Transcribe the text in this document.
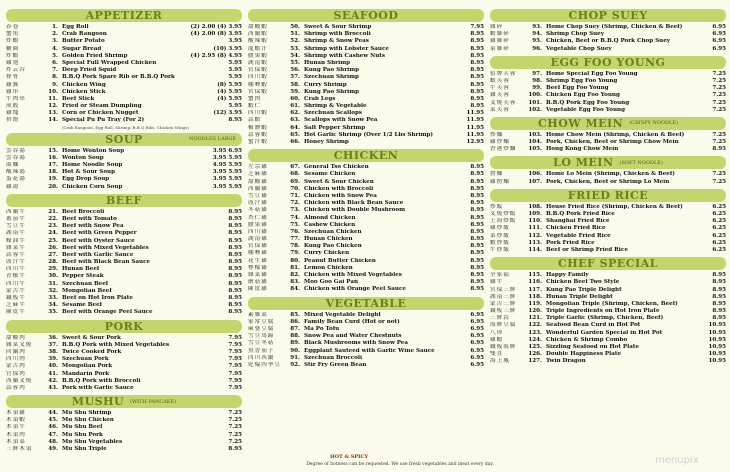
APPETIZER
春卷	1. Egg Roll	(2) 2.00 (4) 3.95
蟹角	2. Crab Rangoon	(4) 2.00 (8) 3.95
炸蝦	3. Butter Potato	3.95
糖圈	4. Sugar Bread	(10) 3.95
炸蝦	5. Golden Fried Shrimp	(4) 2.95 (8) 4.95
雞翅	6. Special Full Wrapped Chicken	5.95
炸云吞	7. Deep Fried Squid	5.95
排骨	8. B.B.Q Pork Spare Rib or B.B.Q Pork	5.95
雞翼	9. Chicken Wing	(8) 5.95
雞串	10. Chicken Stick	(4) 5.95
牛肉串	11. Beef Stick	(4) 5.95
煎餃	12. Fried or Steam Dumpling	5.95
雞塊	13. Corn or Chicken Nugget	(12) 3.95
拼盤	14. Special Pu Pu Tray (For 2)	8.95
(Crab Rangoon, Egg Roll, Shrimp, B.B.Q Ribs, Chicken Wings)
SOUP	NOODLES LARGE
雲吞湯	15. Home Wonton Soup	3.95 6.95
雲吞湯	16. Wonton Soup	3.95 5.95
湯麵	17. Home Noodle Soup	4.95 5.95
酸辣湯	18. Hot & Sour Soup	3.95 5.95
蛋花湯	19. Egg Drop Soup	3.95 5.95
雞湯	20. Chicken Corn Soup	3.95 5.95
BEEF
西蘭牛	21. Beef Broccoli	8.95
番茄牛	22. Beef with Tomato	8.95
雪豆牛	23. Beef with Snow Pea	8.95
湖南牛	24. Beef with Green Pepper	8.95
蠔油牛	25. Beef with Oyster Sauce	8.95
雜菜牛	26. Beef with Mixed Vegetables	8.95
蒜蓉牛	27. Beef with Garlic Sauce	8.95
豉汁牛	28. Beef with Black Bean Sauce	8.95
四川牛	29. Hunan Beef	8.95
青椒牛	30. Pepper Steak	8.95
四川牛	31. Szechuan Beef	8.95
蒙古牛	32. Mongolian Beef	8.95
鐵板牛	33. Beef on Hot Iron Plate	8.95
芝麻牛	34. Sesame Beef	8.95
陳皮牛	35. Beef with Orange Peel Sauce	8.95
PORK
甜酸肉	36. Sweet & Sour Pork	7.95
雜菜叉燒	37. B.B.Q Pork with Mixed Vegetables	7.95
回鍋肉	38. Twice Cooked Pork	7.95
四川肉	39. Szechuan Pork	7.95
蒙古肉	40. Mongolian Pork	7.95
官保肉	41. Mandarin Pork	7.95
西蘭叉燒	42. B.B.Q Pork with Broccoli	7.95
蒜蓉肉	43. Pork with Garlic Sauce	7.95
MUSHU (WITH PANCAKE)
木須雞	44. Mu Shu Shrimp	7.25
木須蝦	45. Mu Shu Chicken	7.25
木須牛	46. Mu Shu Beef	7.25
木須肉	47. Mu Shu Pork	7.25
木須菜	48. Mu Shu Vegetables	7.25
三鮮木須	49. Mu Shu Triple	8.95
SEAFOOD
甜酸蝦	50. Sweet & Sour Shrimp	7.95
西蘭蝦	51. Shrimp with Broccoli	8.95
酸辣蝦	52. Shrimp & Snow Peas	8.95
龍蝦汁	53. Shrimp with Lobster Sauce	8.95
腰果蝦	54. Shrimp with Cashew Nuts	8.95
湖南蝦	55. Hunan Shrimp	8.95
宮保蝦	56. Kung Pao Shrimp	8.95
四川蝦	57. Szechuan Shrimp	8.95
咖喱蝦	58. Curry Shrimp	8.95
宮保蝦	59. Kung Pao Shrimp	8.95
蟹肉	60. Crab Legs	8.95
蝦仁	61. Shrimp & Vegetable	8.95
四川蝦	62. Szechuan Scallops	11.95
蒜蝦	63. Scallops with Snow Pea	11.95
椒鹽蝦	64. Salt Pepper Shrimp	11.95
蒜蓉蝦	65. Hot Garlic Shrimp (Over 1/2 Lbs Shrimp)	11.95
蜜汁蝦	66. Honey Shrimp	12.95
CHICKEN
左宗雞	67. General Tso Chicken	8.95
芝麻雞	68. Sesame Chicken	8.95
甜酸雞	69. Sweet & Sour Chicken	8.95
西蘭雞	70. Chicken with Broccoli	8.95
雪豆雞	71. Chicken with Snow Pea	8.95
豉汁雞	72. Chicken with Black Bean Sauce	8.95
冬菇雞	73. Chicken with Double Mushroom	8.95
杏仁雞	74. Almond Chicken	8.95
腰果雞	75. Cashew Chicken	8.95
四川雞	76. Szechuan Chicken	8.95
湖南雞	77. Hunan Chicken	8.95
宮保雞	78. Kung Pao Chicken	8.95
咖喱雞	79. Curry Chicken	8.95
花生雞	80. Peanut Butter Chicken	8.95
檸檬雞	81. Lemon Chicken	8.95
雜菜雞	82. Chicken with Mixed Vegetables	8.95
蘑菇雞	83. Moo Goo Gai Pan	8.95
陳皮雞	84. Chicken with Orange Peel Sauce	8.95
VEGETABLE
素雜菜	85. Mixed Vegetable Delight	6.95
家常豆腐	86. Family Bean Curd (Hot or not)	6.95
麻婆豆腐	87. Ma Po Tofu	6.95
雪豆馬蹄	88. Snow Pea and Water Chestnuts	6.95
雪豆冬菇	89. Black Mushrooms with Snow Pea	6.95
魚香茄子	90. Eggplant Sauteed with Garlic Wine Sauce	6.95
四川西蘭	91. Szechuan Broccoli	6.95
乾煸四季豆	92. Stir Fry Green Bean	6.95
CHOP SUEY
雜碎	93. Home Chop Suey (Shrimp, Chicken & Beef)	6.95
蝦雜碎	94. Shrimp Chop Suey	6.95
雞雜碎	95. Chicken, Beef or B.B.Q Pork Chop Suey	6.95
菜雜碎	96. Vegetable Chop Suey	6.95
EGG FOO YOUNG
招牌芙蓉	97. Home Special Egg Foo Young	7.25
蝦芙蓉	98. Shrimp Egg Foo Young	7.25
牛芙蓉	99. Beef Egg Foo Young	7.25
雞芙蓉	100. Chicken Egg Foo Young	7.25
叉燒芙蓉	101. B.B.Q Pork Egg Foo Young	7.25
菜芙蓉	102. Vegetable Egg Foo Young	7.25
CHOW MEIN (CRISPY NOODLE)
炒麵	103. Home Chow Mein (Shrimp, Chicken & Beef)	7.25
雞炒麵	104. Pork, Chicken, Beef or Shrimp Chow Mein	7.25
香港炒麵	105. Hong Kong Chow Mein	8.95
LO MEIN (SOFT NOODLE)
撈麵	106. Home Lo Mein (Shrimp, Chicken & Beef)	7.25
雞撈麵	107. Pork, Chicken, Beef or Shrimp Lo Mein	7.25
FRIED RICE
炒飯	108. House Fried Rice (Shrimp, Chicken & Beef)	6.25
叉燒炒飯	109. B.B.Q Pork Fried Rice	6.25
上海炒飯	110. Shanghai Fried Rice	6.25
雞炒飯	111. Chicken Fried Rice	6.25
菜炒飯	112. Vegetable Fried Rice	6.25
蝦炒飯	113. Pork Fried Rice	6.25
牛炒飯	114. Beef or Shrimp Fried Rice	6.25
CHEF SPECIAL
全家福	115. Happy Family	8.95
雞牛	116. Chicken Beef Two Style	8.95
宮保三鮮	117. Kung Pao Triple Delight	8.95
湖南三鮮	118. Hunan Triple Delight	8.95
蒙古三鮮	119. Mongolian Triple (Shrimp, Chicken, Beef)	8.95
鐵板三鮮	120. Triple Ingredients on Hot Iron Plate	8.95
三鮮蒜	121. Triple Garlic (Shrimp, Chicken, Beef)	8.95
海鮮豆腐	122. Seafood Bean Curd in Hot Pot	10.95
八珍	123. Wonderful Garden Special in Hot Pot	10.95
雞蝦	124. Chicken & Shrimp Combo	10.95
鐵板海鮮	125. Sizzling Seafood on Hot Plate	10.95
雙喜	126. Double Happiness Plate	10.95
海上鳳	127. Twin Dragon	10.95
HOT & SPICY
Degree of hotness can be requested. We use fresh vegetables and meat every day.	menupix
